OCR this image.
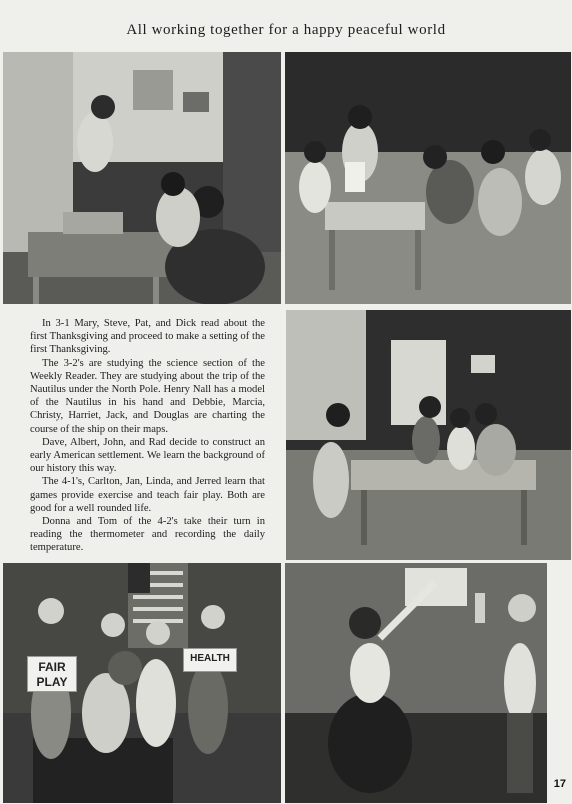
All working together for a happy peaceful world
FAIR
PLAY
HEALTH

In 3-1 Mary, Steve, Pat, and Dick read about the first Thanksgiving and proceed to make a setting of the first Thanksgiving.

The 3-2's are studying the science section of the Weekly Reader. They are studying about the trip of the Nautilus under the North Pole. Henry Nall has a model of the Nautilus in his hand and Debbie, Marcia, Christy, Harriet, Jack, and Douglas are charting the course of the ship on their maps.

Dave, Albert, John, and Rad decide to construct an early American settlement. We learn the background of our history this way.

The 4-1's, Carlton, Jan, Linda, and Jerred learn that games provide exercise and teach fair play. Both are good for a well rounded life.

Donna and Tom of the 4-2's take their turn in reading the thermometer and recording the daily temperature.

17
